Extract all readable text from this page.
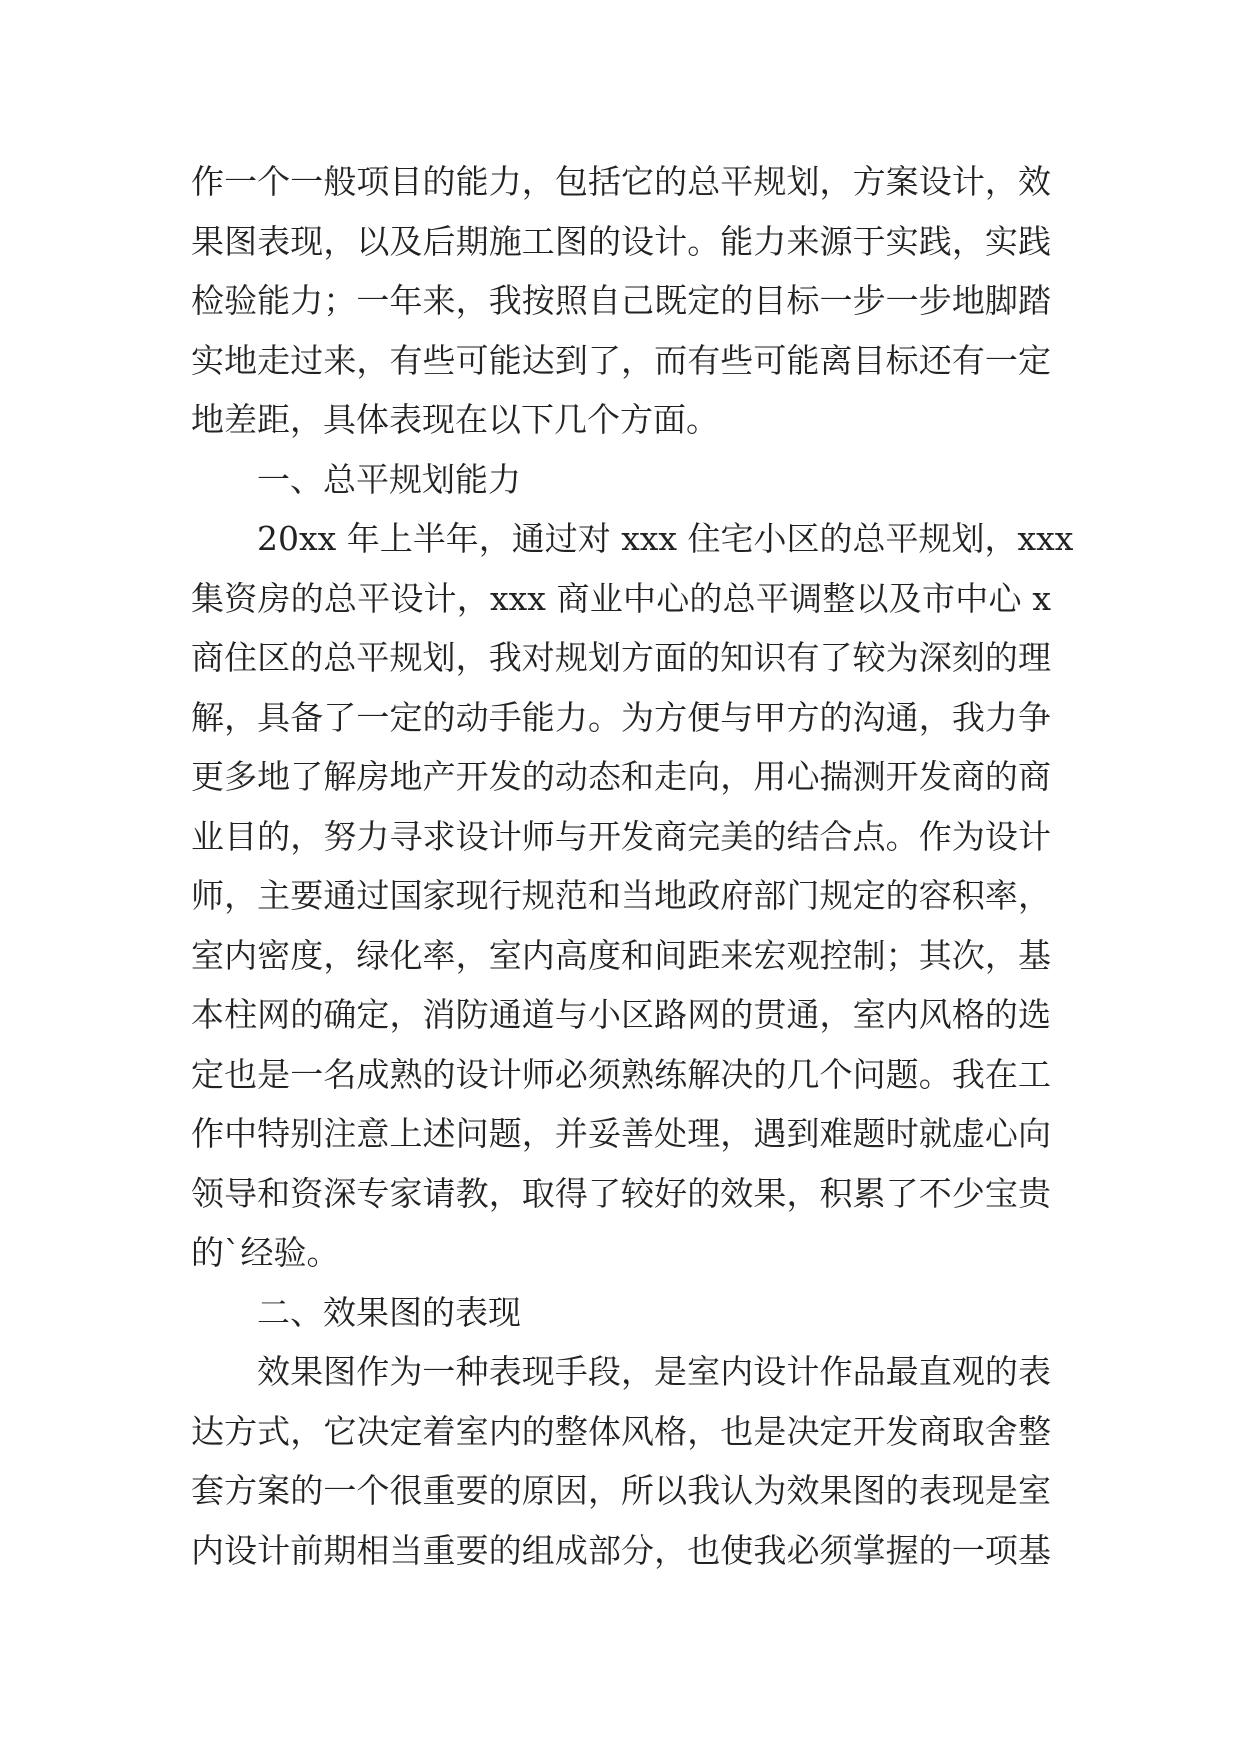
作一个一般项目的能力，包括它的总平规划，方案设计，效
果图表现，以及后期施工图的设计。能力来源于实践，实践
检验能力；一年来，我按照自己既定的目标一步一步地脚踏
实地走过来，有些可能达到了，而有些可能离目标还有一定
地差距，具体表现在以下几个方面。
一、总平规划能力
20xx 年上半年，通过对 xxx 住宅小区的总平规划，xxx
集资房的总平设计，xxx 商业中心的总平调整以及市中心 x
商住区的总平规划，我对规划方面的知识有了较为深刻的理
解，具备了一定的动手能力。为方便与甲方的沟通，我力争
更多地了解房地产开发的动态和走向，用心揣测开发商的商
业目的，努力寻求设计师与开发商完美的结合点。作为设计
师，主要通过国家现行规范和当地政府部门规定的容积率，
室内密度，绿化率，室内高度和间距来宏观控制；其次，基
本柱网的确定，消防通道与小区路网的贯通，室内风格的选
定也是一名成熟的设计师必须熟练解决的几个问题。我在工
作中特别注意上述问题，并妥善处理，遇到难题时就虚心向
领导和资深专家请教，取得了较好的效果，积累了不少宝贵
的`经验。
二、效果图的表现
效果图作为一种表现手段，是室内设计作品最直观的表
达方式，它决定着室内的整体风格，也是决定开发商取舍整
套方案的一个很重要的原因，所以我认为效果图的表现是室
内设计前期相当重要的组成部分，也使我必须掌握的一项基
